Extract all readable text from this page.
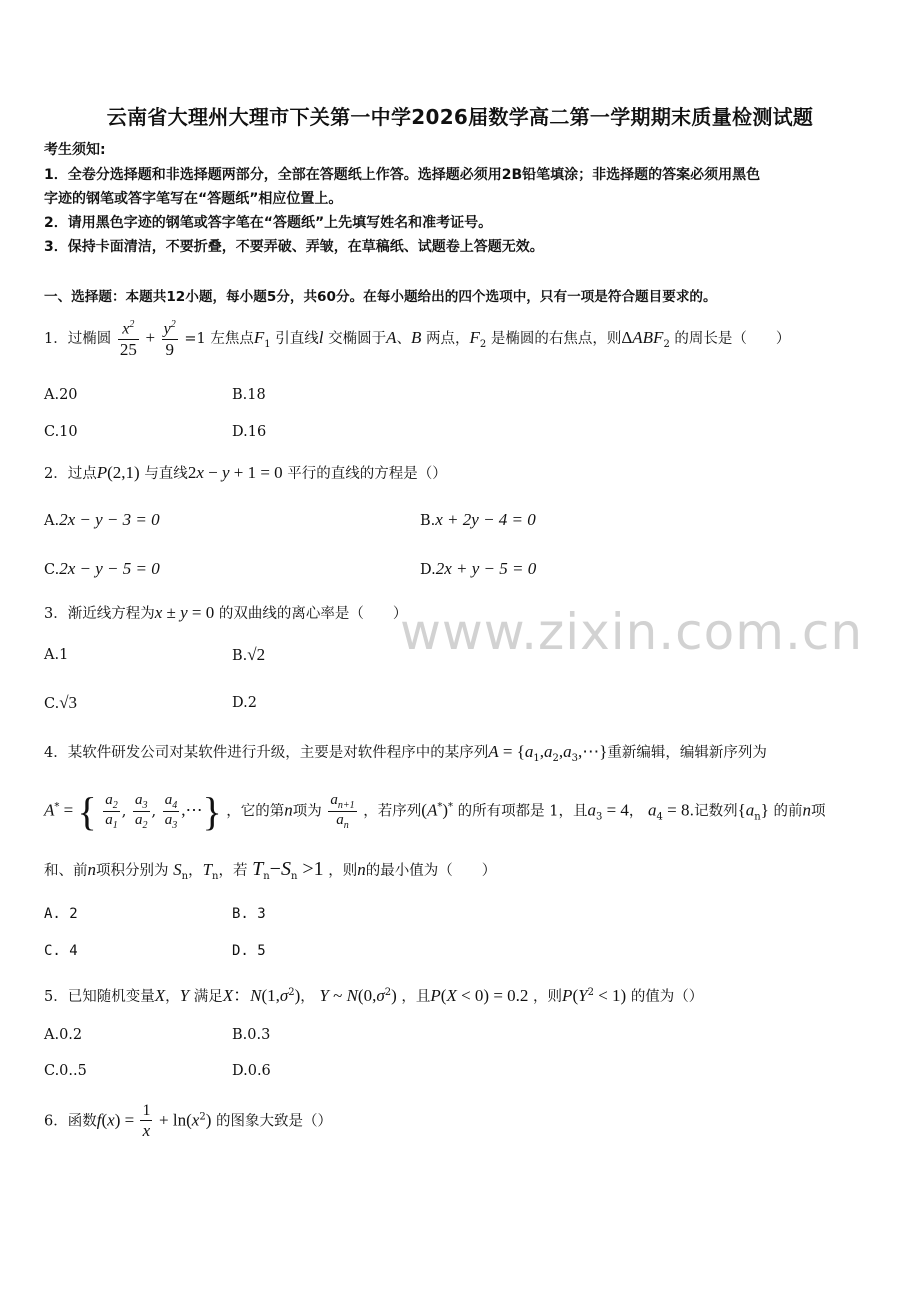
云南省大理州大理市下关第一中学2026届数学高二第一学期期末质量检测试题
考生须知:
1．全卷分选择题和非选择题两部分，全部在答题纸上作答。选择题必须用2B铅笔填涂；非选择题的答案必须用黑色
字迹的钢笔或答字笔写在“答题纸”相应位置上。
2．请用黑色字迹的钢笔或答字笔在“答题纸”上先填写姓名和准考证号。
3．保持卡面清洁，不要折叠，不要弄破、弄皱，在草稿纸、试题卷上答题无效。
一、选择题：本题共12小题，每小题5分，共60分。在每小题给出的四个选项中，只有一项是符合题目要求的。
1．过椭圆 $\frac{x^2}{25} + \frac{y^2}{9} =1$ 左焦点$F_1$ 引直线l 交椭圆于A、B 两点，$F_2$ 是椭圆的右焦点，则$\Delta ABF_2$ 的周长是（　　）
A.20	B.18
C.10	D.16
2．过点P(2,1) 与直线2x − y + 1 = 0 平行的直线的方程是（）
A.2x − y − 3 = 0	B.x + 2y − 4 = 0
C.2x − y − 5 = 0	D.2x + y − 5 = 0
www.zixin.com.cn
3．渐近线方程为x ± y = 0 的双曲线的离心率是（　　）
A.1	B.√2
C.√3	D.2
4．某软件研发公司对某软件进行升级，主要是对软件程序中的某序列$A = \{a_1,a_2,a_3,\cdots\}$重新编辑，编辑新序列为
A* = { $\frac{a_2}{a_1}$ , $\frac{a_3}{a_2}$ , $\frac{a_4}{a_3}$ ,⋯} ，它的第n项为 $\frac{a_{n+1}}{a_n}$ ，若序列(A*)* 的所有项都是 1，且$a_3 = 4$， $a_4 = 8$.记数列$\{a_n\}$ 的前n项
和、前n项积分别为 $S_n$，$T_n$，若 $T_n-S_n >1$ ，则n的最小值为（　　）
A. 2	B. 3
C. 4	D. 5
5．已知随机变量X，Y 满足X：$N(1,\sigma^2)$， Y ~ $N(0,\sigma^2)$ ，且P(X < 0) = 0.2 ，则$P(Y^2 < 1)$ 的值为（）
A.0.2	B.0.3
C.0..5	D.0.6
6．函数$f(x) = \frac{1}{x} + \ln(x^2)$ 的图象大致是（）
